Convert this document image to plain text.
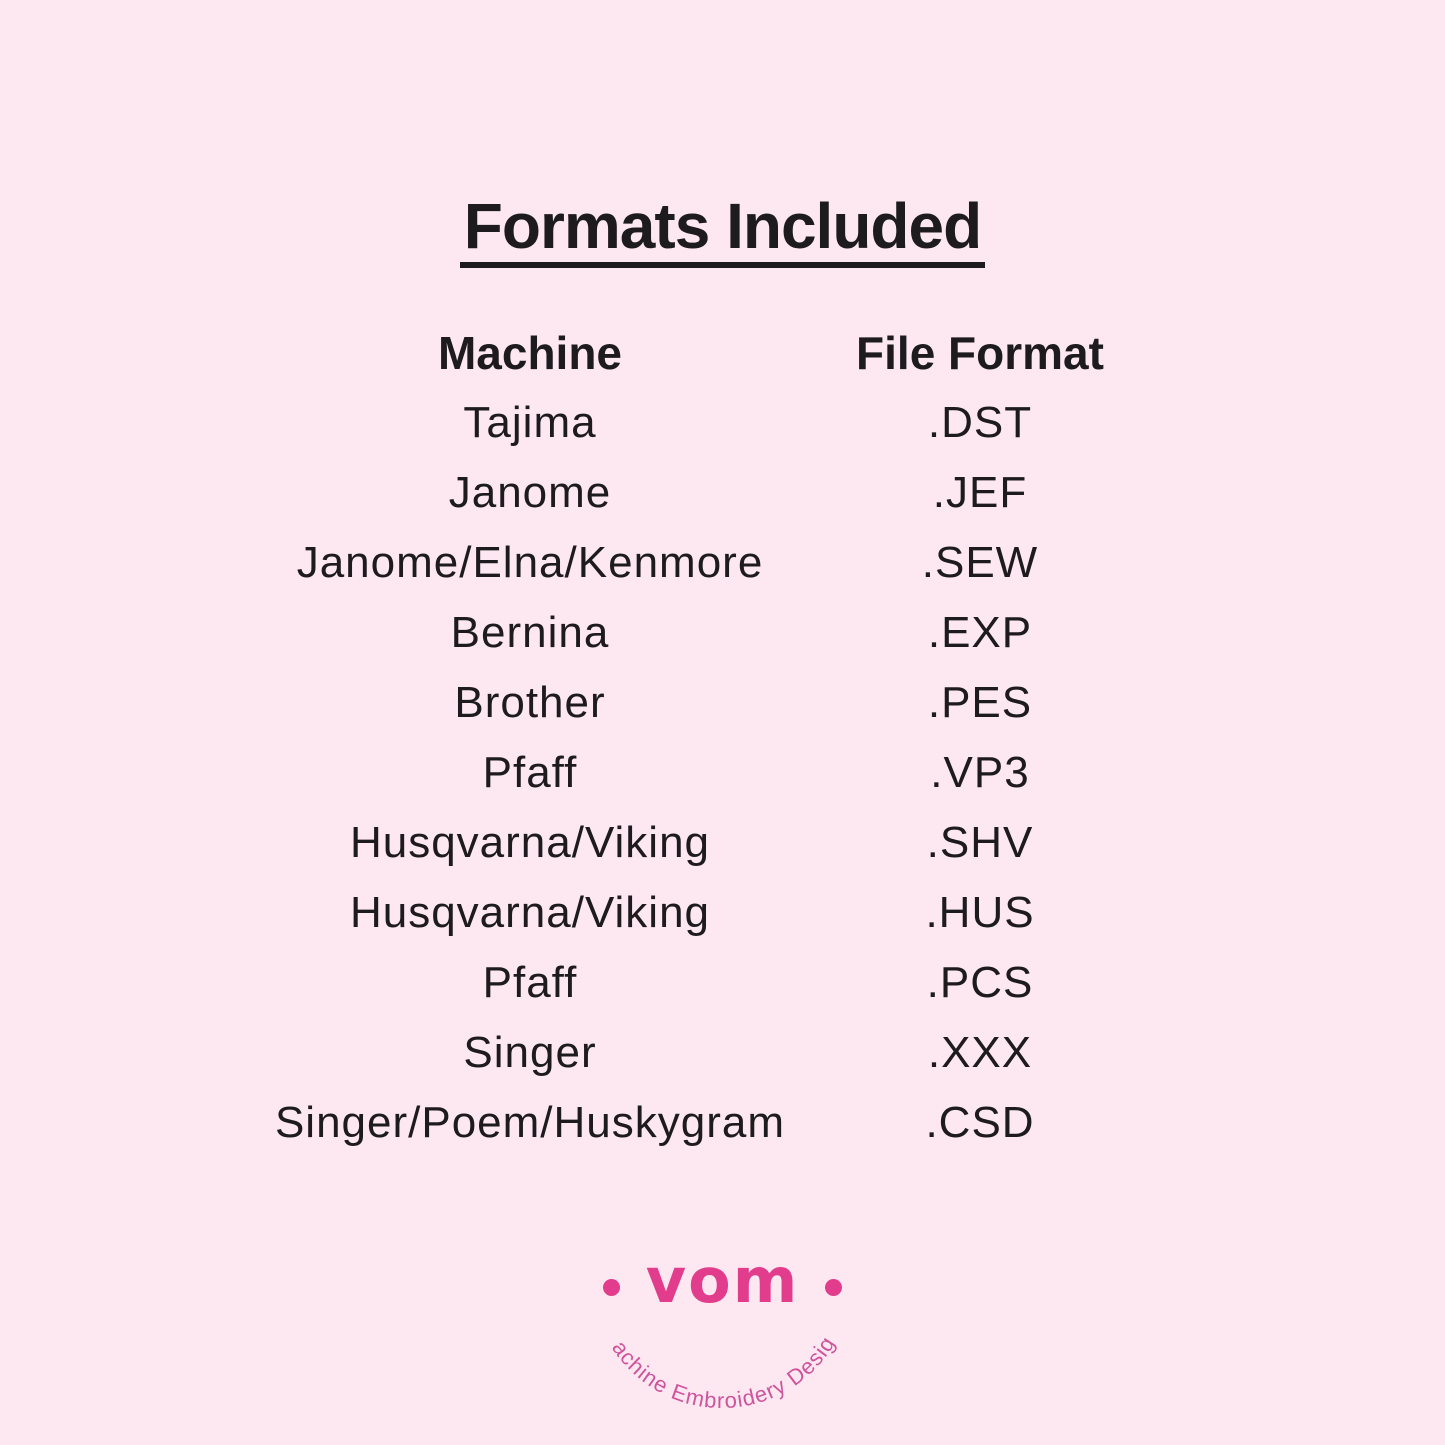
Formats Included
Machine	File Format
Tajima	.DST
Janome	.JEF
Janome/Elna/Kenmore	.SEW
Bernina	.EXP
Brother	.PES
Pfaff	.VP3
Husqvarna/Viking	.SHV
Husqvarna/Viking	.HUS
Pfaff	.PCS
Singer	.XXX
Singer/Poem/Huskygram	.CSD
vom
Machine Embroidery Design
